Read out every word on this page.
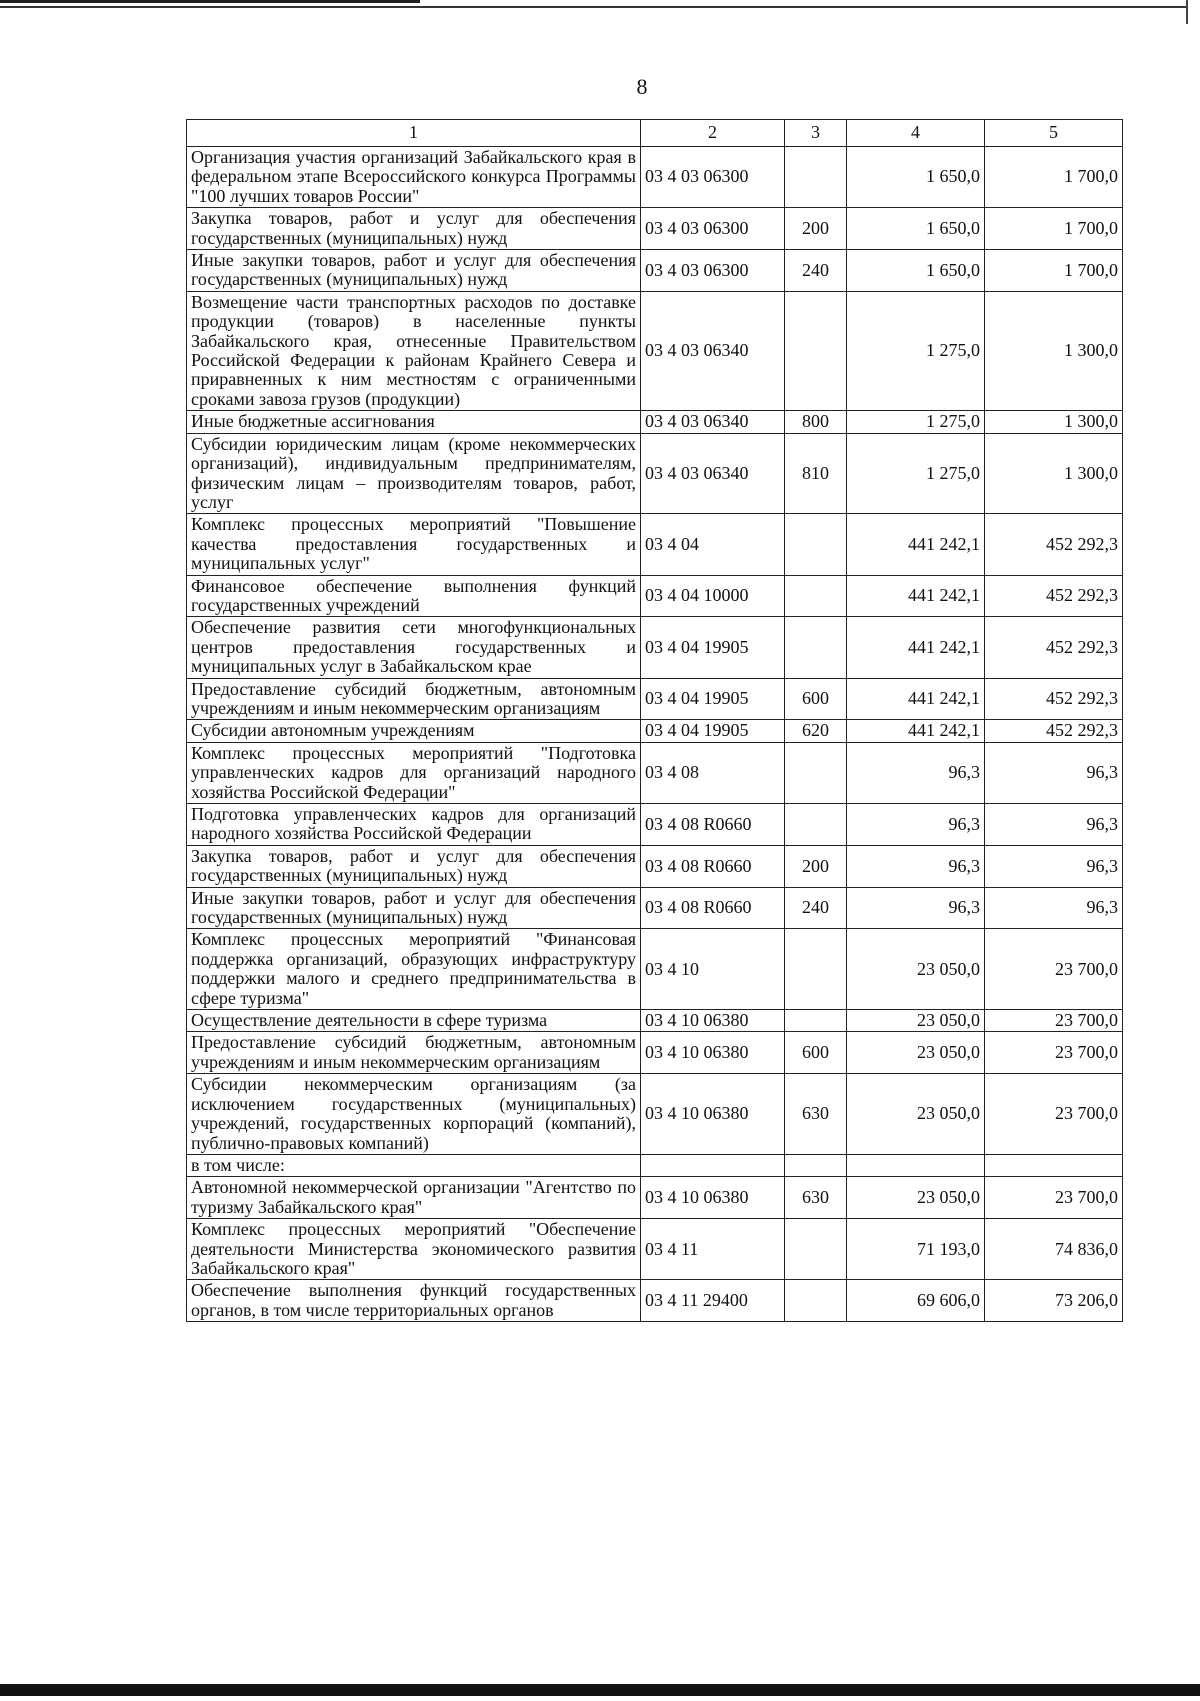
8
1	2	3	4	5
Организация участия организаций Забайкальского края в федеральном этапе Всероссийского конкурса Программы "100 лучших товаров России"	03 4 03 06300		1 650,0	1 700,0
Закупка товаров, работ и услуг для обеспечения государственных (муниципальных) нужд	03 4 03 06300	200	1 650,0	1 700,0
Иные закупки товаров, работ и услуг для обеспечения государственных (муниципальных) нужд	03 4 03 06300	240	1 650,0	1 700,0
Возмещение части транспортных расходов по доставке продукции (товаров) в населенные пункты Забайкальского края, отнесенные Правительством Российской Федерации к районам Крайнего Севера и приравненных к ним местностям с ограниченными сроками завоза грузов (продукции)	03 4 03 06340		1 275,0	1 300,0
Иные бюджетные ассигнования	03 4 03 06340	800	1 275,0	1 300,0
Субсидии юридическим лицам (кроме некоммерческих организаций), индивидуальным предпринимателям, физическим лицам – производителям товаров, работ, услуг	03 4 03 06340	810	1 275,0	1 300,0
Комплекс процессных мероприятий "Повышение качества предоставления государственных и муниципальных услуг"	03 4 04		441 242,1	452 292,3
Финансовое обеспечение выполнения функций государственных учреждений	03 4 04 10000		441 242,1	452 292,3
Обеспечение развития сети многофункциональных центров предоставления государственных и муниципальных услуг в Забайкальском крае	03 4 04 19905		441 242,1	452 292,3
Предоставление субсидий бюджетным, автономным учреждениям и иным некоммерческим организациям	03 4 04 19905	600	441 242,1	452 292,3
Субсидии автономным учреждениям	03 4 04 19905	620	441 242,1	452 292,3
Комплекс процессных мероприятий "Подготовка управленческих кадров для организаций народного хозяйства Российской Федерации"	03 4 08		96,3	96,3
Подготовка управленческих кадров для организаций народного хозяйства Российской Федерации	03 4 08 R0660		96,3	96,3
Закупка товаров, работ и услуг для обеспечения государственных (муниципальных) нужд	03 4 08 R0660	200	96,3	96,3
Иные закупки товаров, работ и услуг для обеспечения государственных (муниципальных) нужд	03 4 08 R0660	240	96,3	96,3
Комплекс процессных мероприятий "Финансовая поддержка организаций, образующих инфраструктуру поддержки малого и среднего предпринимательства в сфере туризма"	03 4 10		23 050,0	23 700,0
Осуществление деятельности в сфере туризма	03 4 10 06380		23 050,0	23 700,0
Предоставление субсидий бюджетным, автономным учреждениям и иным некоммерческим организациям	03 4 10 06380	600	23 050,0	23 700,0
Субсидии некоммерческим организациям (за исключением государственных (муниципальных) учреждений, государственных корпораций (компаний), публично-правовых компаний)	03 4 10 06380	630	23 050,0	23 700,0
в том числе:				
Автономной некоммерческой организации "Агентство по туризму Забайкальского края"	03 4 10 06380	630	23 050,0	23 700,0
Комплекс процессных мероприятий "Обеспечение деятельности Министерства экономического развития Забайкальского края"	03 4 11		71 193,0	74 836,0
Обеспечение выполнения функций государственных органов, в том числе территориальных органов	03 4 11 29400		69 606,0	73 206,0
